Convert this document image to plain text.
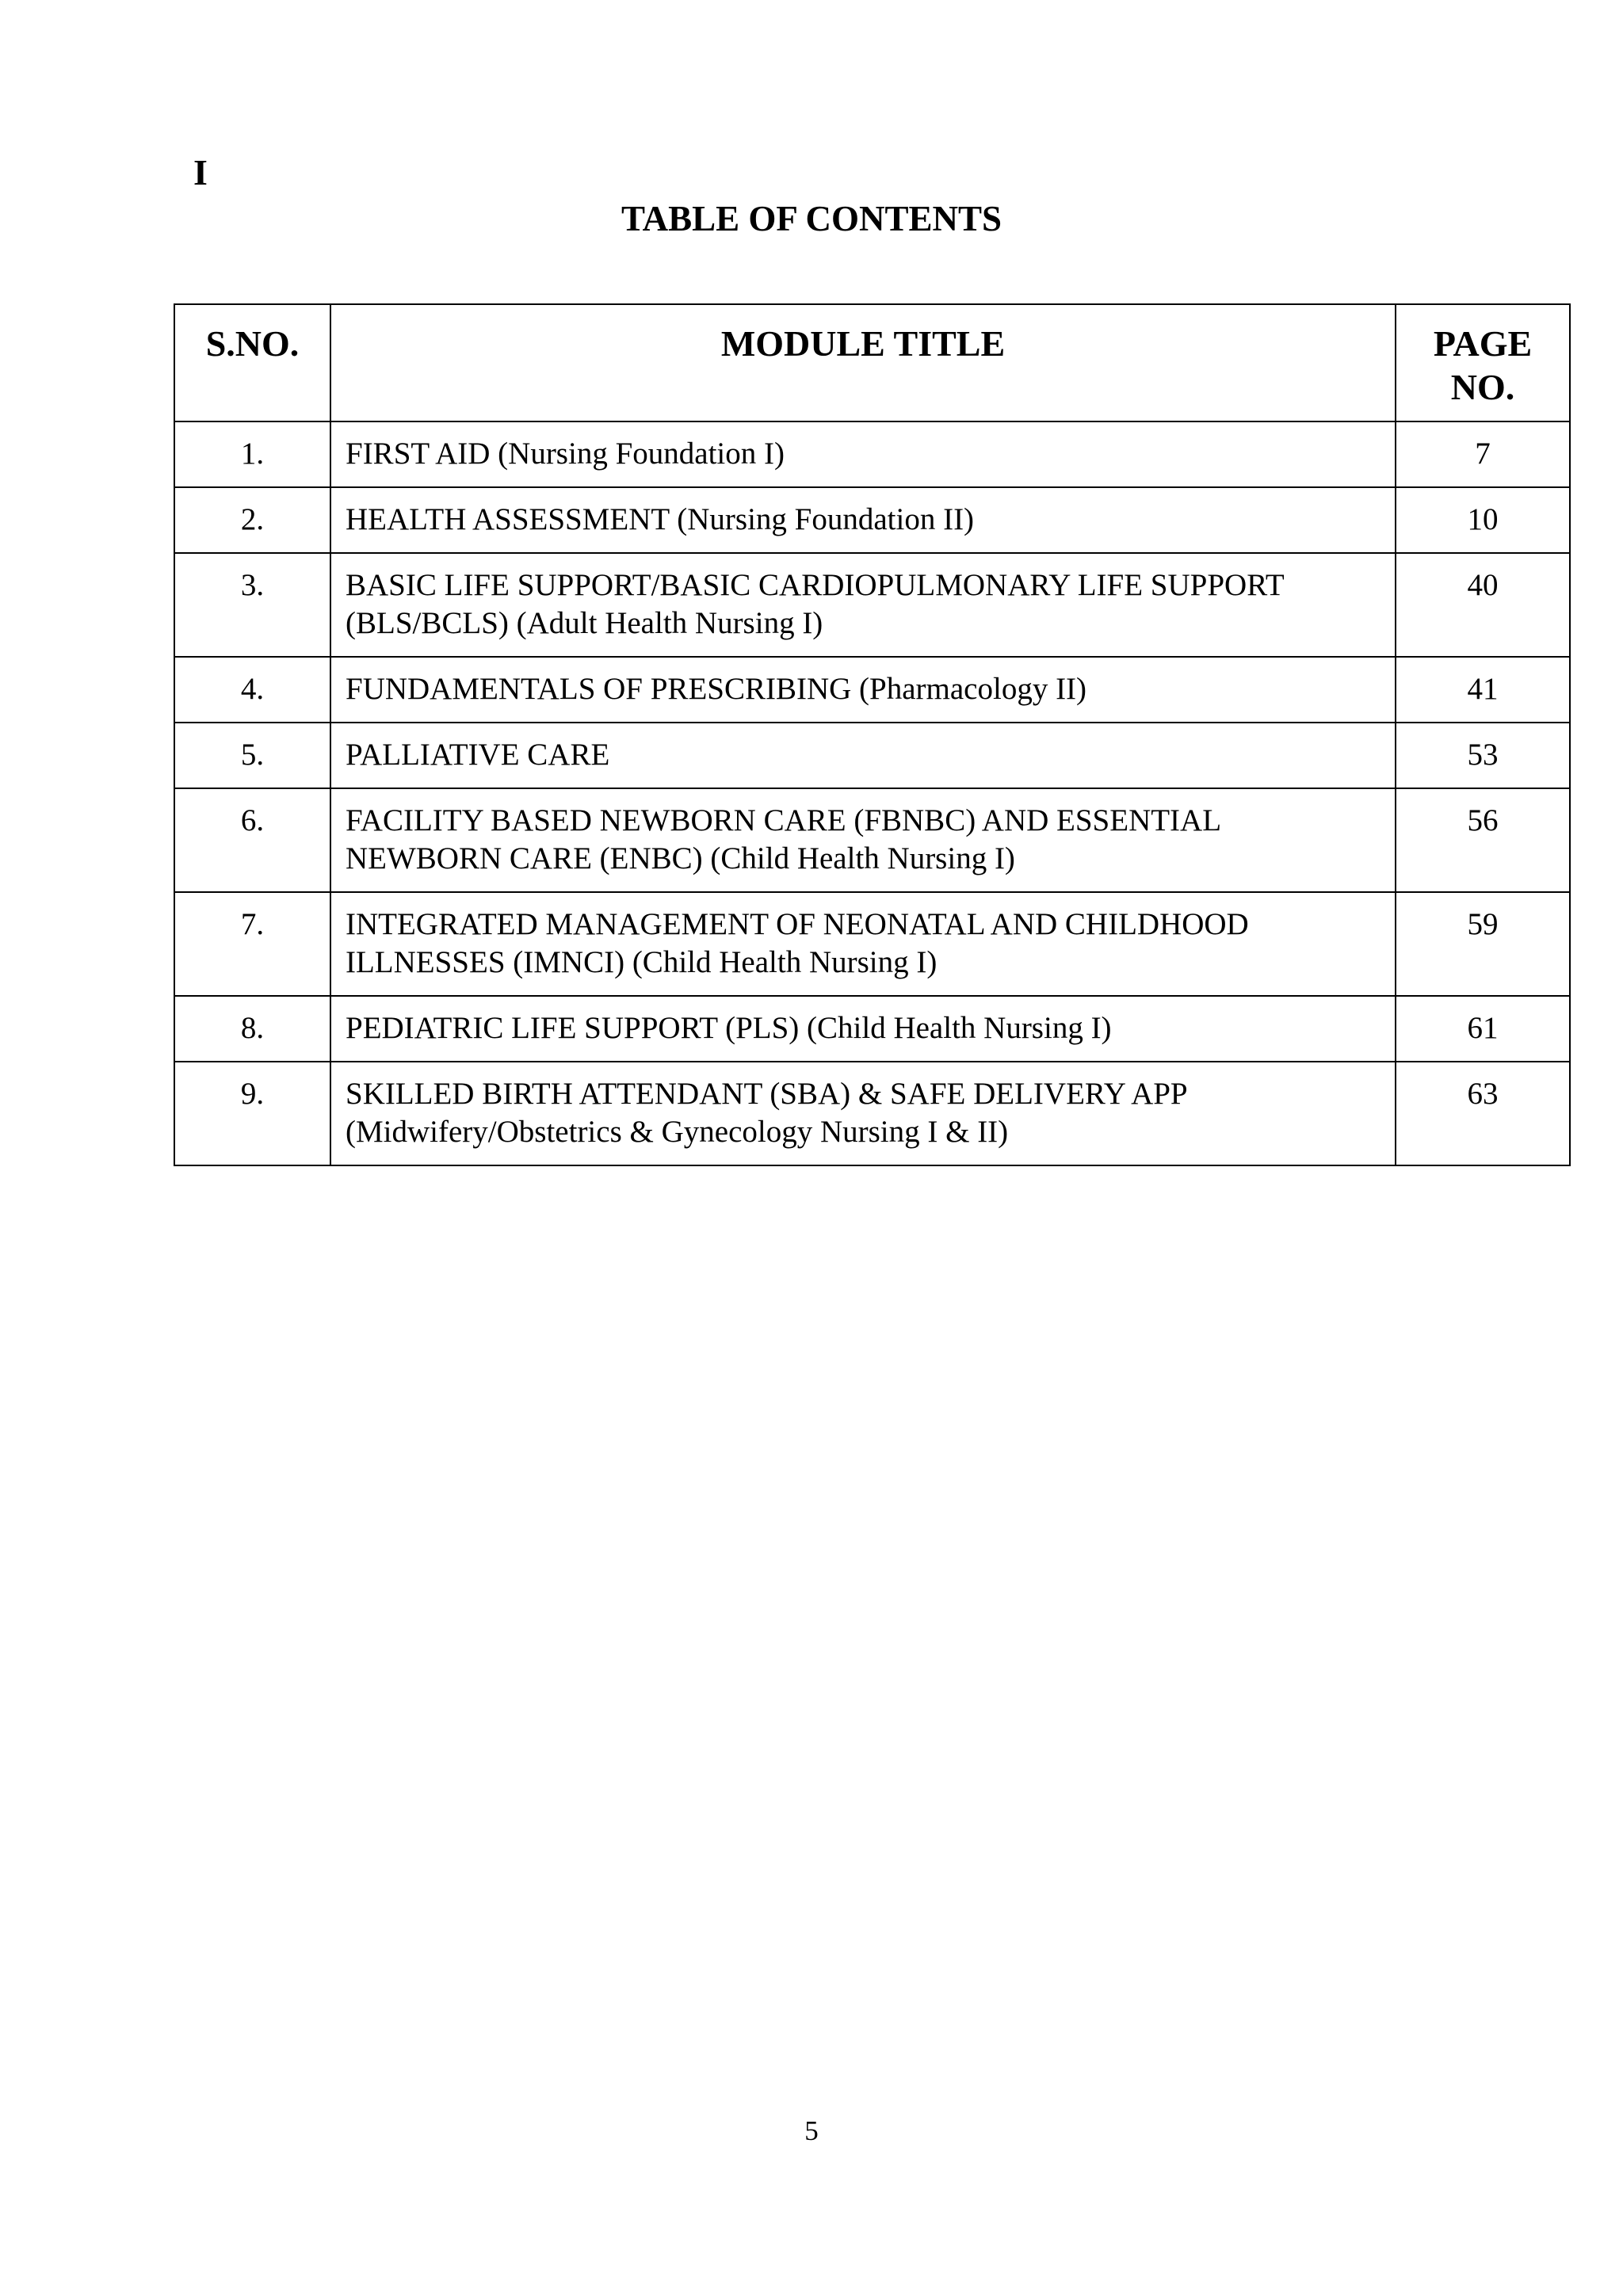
I
TABLE OF CONTENTS
S.NO.	MODULE TITLE	PAGE
NO.
1.	FIRST AID (Nursing Foundation I)	7
2.	HEALTH ASSESSMENT (Nursing Foundation II)	10
3.	BASIC LIFE SUPPORT/BASIC CARDIOPULMONARY LIFE SUPPORT
(BLS/BCLS) (Adult Health Nursing I)	40
4.	FUNDAMENTALS OF PRESCRIBING (Pharmacology II)	41
5.	PALLIATIVE CARE	53
6.	FACILITY BASED NEWBORN CARE (FBNBC) AND ESSENTIAL
NEWBORN CARE (ENBC) (Child Health Nursing I)	56
7.	INTEGRATED MANAGEMENT OF NEONATAL AND CHILDHOOD
ILLNESSES (IMNCI) (Child Health Nursing I)	59
8.	PEDIATRIC LIFE SUPPORT (PLS) (Child Health Nursing I)	61
9.	SKILLED BIRTH ATTENDANT (SBA) & SAFE DELIVERY APP
(Midwifery/Obstetrics & Gynecology Nursing I & II)	63
5
